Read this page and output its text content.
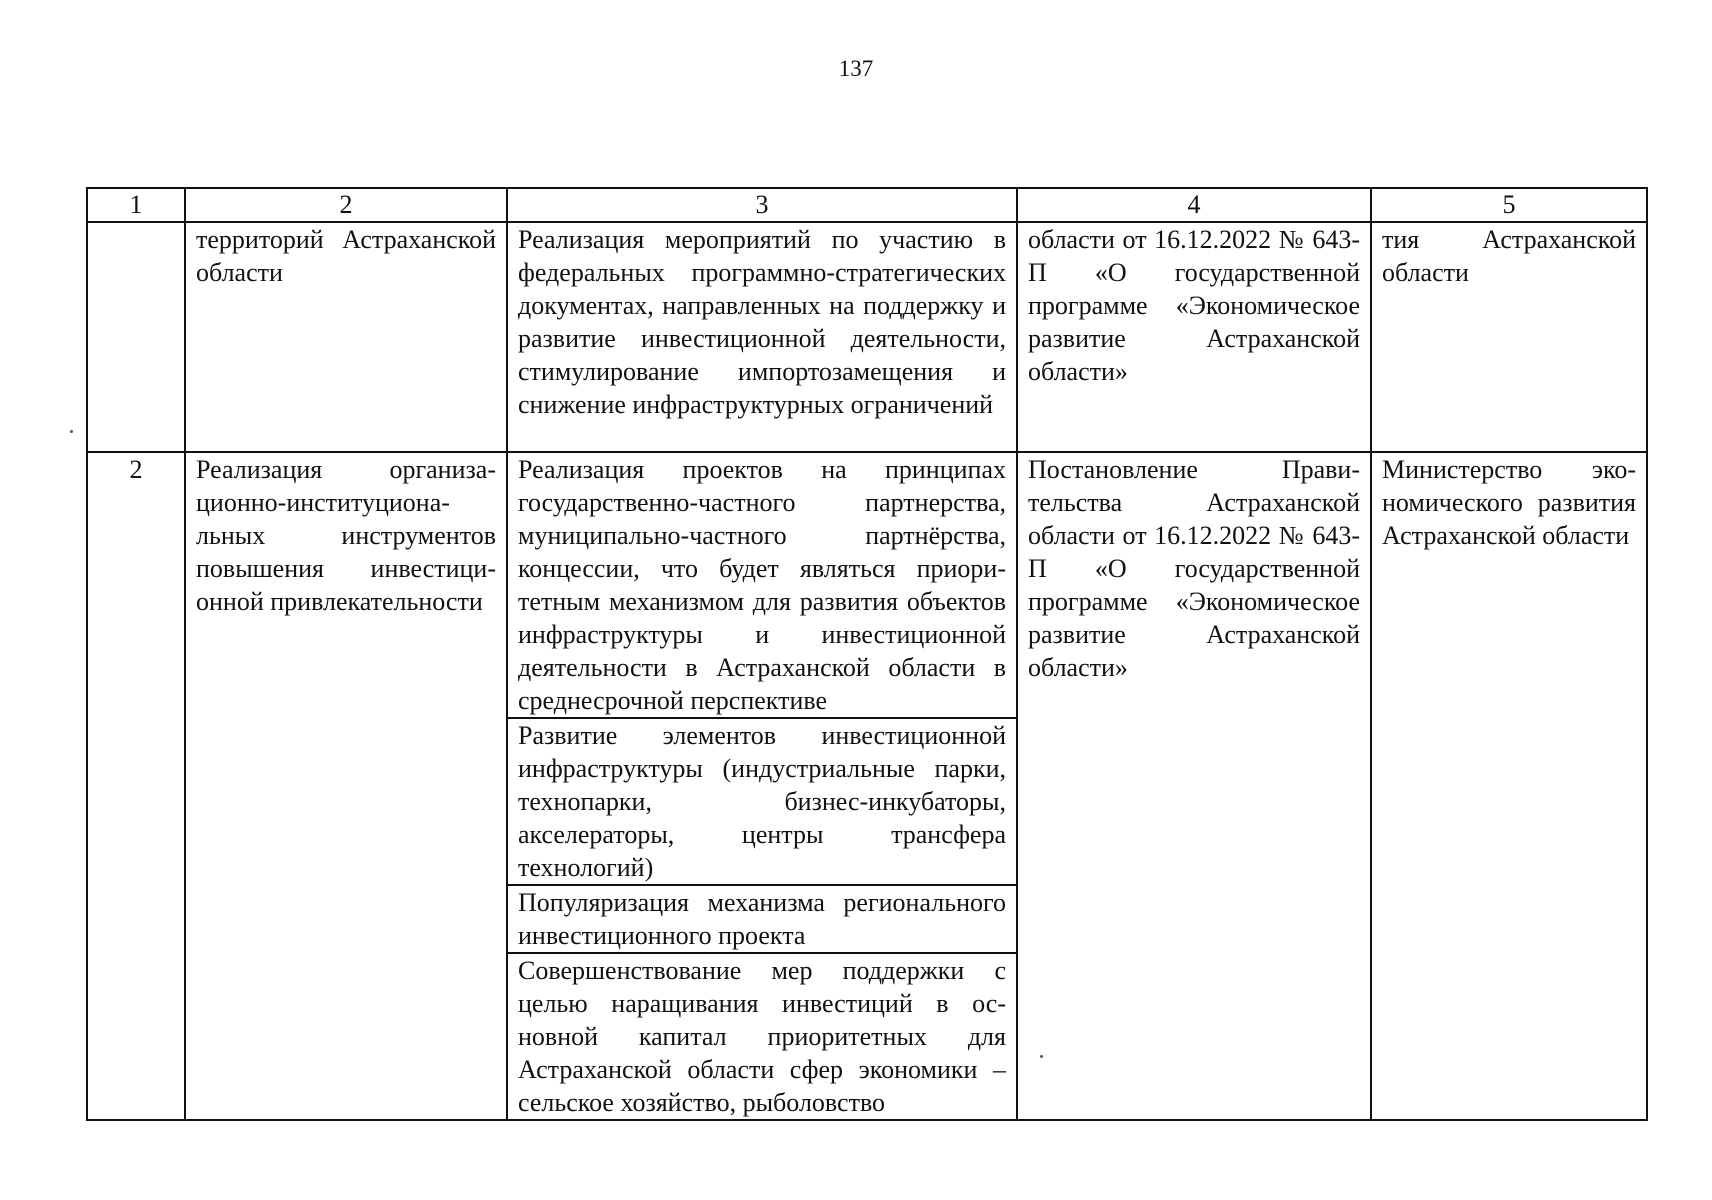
137
1	2	3	4	5
	территорий Астраханской области	Реализация мероприятий по участию в федеральных программно-стратегических документах, направленных на поддержку и развитие инвестиционной деятельности, стимулирование импортозамещения и снижение инфраструктурных ограничений	области от 16.12.2022 № 643-П «О государственной программе «Экономическое развитие Астраханской области»	тия Астраханской области
2	Реализация организационно-институциональных инструментов повышения инвестиционной привлекательности	Реализация проектов на принципах государственно-частного партнерства, муниципально-частного партнёрства, концессии, что будет являться приоритетным механизмом для развития объектов инфраструктуры и инвестиционной деятельности в Астраханской области в среднесрочной перспективе	Постановление Правительства Астраханской области от 16.12.2022 № 643-П «О государственной программе «Экономическое развитие Астраханской области»	Министерство экономического развития Астраханской области
		Развитие элементов инвестиционной инфраструктуры (индустриальные парки, технопарки, бизнес-инкубаторы, акселераторы, центры трансфера технологий)		
		Популяризация механизма регионального инвестиционного проекта		
		Совершенствование мер поддержки с целью наращивания инвестиций в основной капитал приоритетных для Астраханской области сфер экономики – сельское хозяйство, рыболовство		
